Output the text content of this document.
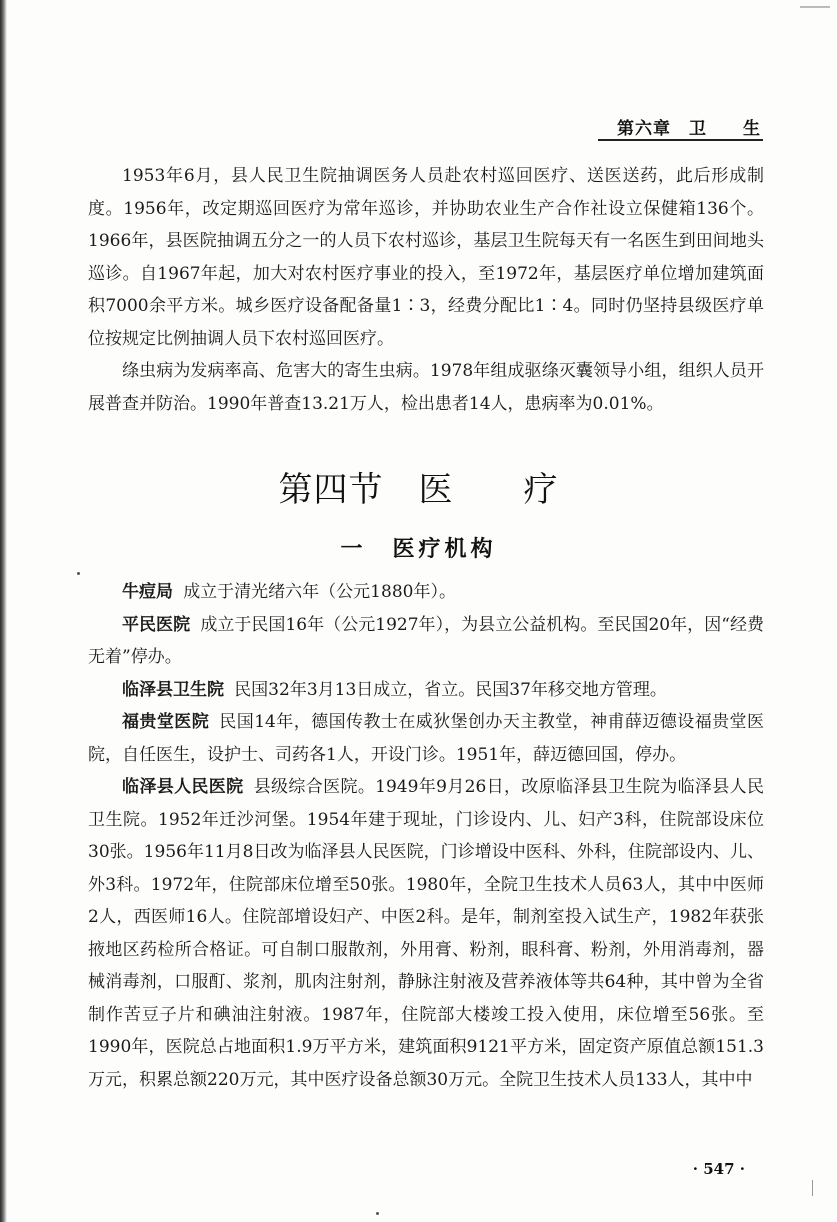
第六章　卫　　生

1953年6月，县人民卫生院抽调医务人员赴农村巡回医疗、送医送药，此后形成制度。1956年，改定期巡回医疗为常年巡诊，并协助农业生产合作社设立保健箱136个。1966年，县医院抽调五分之一的人员下农村巡诊，基层卫生院每天有一名医生到田间地头巡诊。自1967年起，加大对农村医疗事业的投入，至1972年，基层医疗单位增加建筑面积7000余平方米。城乡医疗设备配备量1∶3，经费分配比1∶4。同时仍坚持县级医疗单位按规定比例抽调人员下农村巡回医疗。

绦虫病为发病率高、危害大的寄生虫病。1978年组成驱绦灭囊领导小组，组织人员开展普查并防治。1990年普查13.21万人，检出患者14人，患病率为0.01%。

第四节　医　　疗
一　医疗机构

牛痘局 成立于清光绪六年（公元1880年）。

平民医院 成立于民国16年（公元1927年），为县立公益机构。至民国20年，因“经费无着”停办。

临泽县卫生院 民国32年3月13日成立，省立。民国37年移交地方管理。

福贵堂医院 民国14年，德国传教士在威狄堡创办天主教堂，神甫薛迈德设福贵堂医院，自任医生，设护士、司药各1人，开设门诊。1951年，薛迈德回国，停办。

临泽县人民医院 县级综合医院。1949年9月26日，改原临泽县卫生院为临泽县人民卫生院。1952年迁沙河堡。1954年建于现址，门诊设内、儿、妇产3科，住院部设床位30张。1956年11月8日改为临泽县人民医院，门诊增设中医科、外科，住院部设内、儿、外3科。1972年，住院部床位增至50张。1980年，全院卫生技术人员63人，其中中医师2人，西医师16人。住院部增设妇产、中医2科。是年，制剂室投入试生产，1982年获张掖地区药检所合格证。可自制口服散剂，外用膏、粉剂，眼科膏、粉剂，外用消毒剂，器械消毒剂，口服酊、浆剂，肌肉注射剂，静脉注射液及营养液体等共64种，其中曾为全省制作苦豆子片和碘油注射液。1987年，住院部大楼竣工投入使用，床位增至56张。至1990年，医院总占地面积1.9万平方米，建筑面积9121平方米，固定资产原值总额151.3万元，积累总额220万元，其中医疗设备总额30万元。全院卫生技术人员133人，其中中

· 547 ·
